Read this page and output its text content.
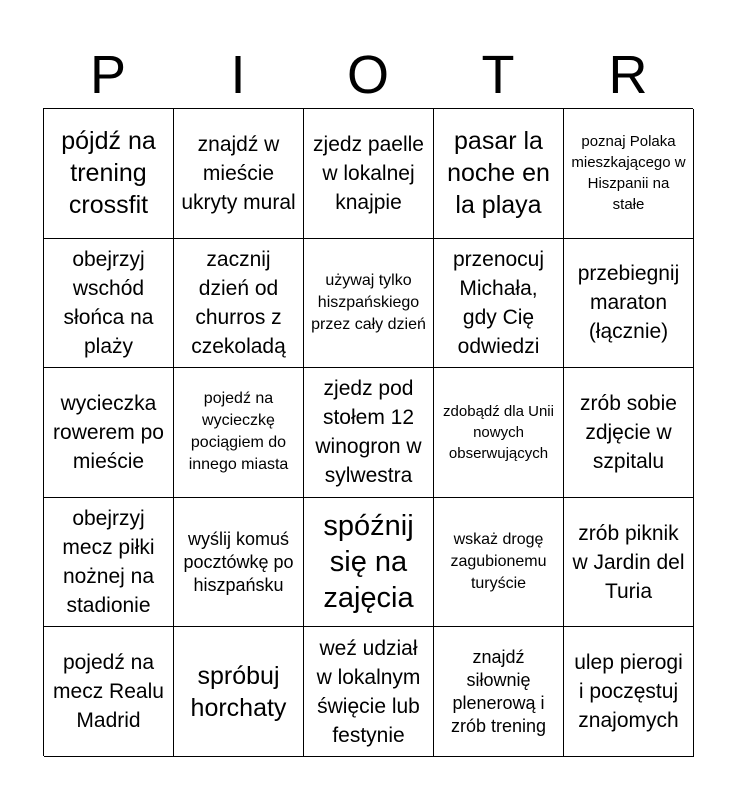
P	I	O	T	R
pójdź na trening crossfit
znajdź w mieście ukryty mural
zjedz paelle w lokalnej knajpie
pasar la noche en la playa
poznaj Polaka mieszkającego w Hiszpanii na stałe
obejrzyj wschód słońca na plaży
zacznij dzień od churros z czekoladą
używaj tylko hiszpańskiego przez cały dzień
przenocuj Michała, gdy Cię odwiedzi
przebiegnij maraton (łącznie)
wycieczka rowerem po mieście
pojedź na wycieczkę pociągiem do innego miasta
zjedz pod stołem 12 winogron w sylwestra
zdobądź dla Unii nowych obserwujących
zrób sobie zdjęcie w szpitalu
obejrzyj mecz piłki nożnej na stadionie
wyślij komuś pocztówkę po hiszpańsku
spóźnij się na zajęcia
wskaż drogę zagubionemu turyście
zrób piknik w Jardin del Turia
pojedź na mecz Realu Madrid
spróbuj horchaty
weź udział w lokalnym święcie lub festynie
znajdź siłownię plenerową i zrób trening
ulep pierogi i poczęstuj znajomych
